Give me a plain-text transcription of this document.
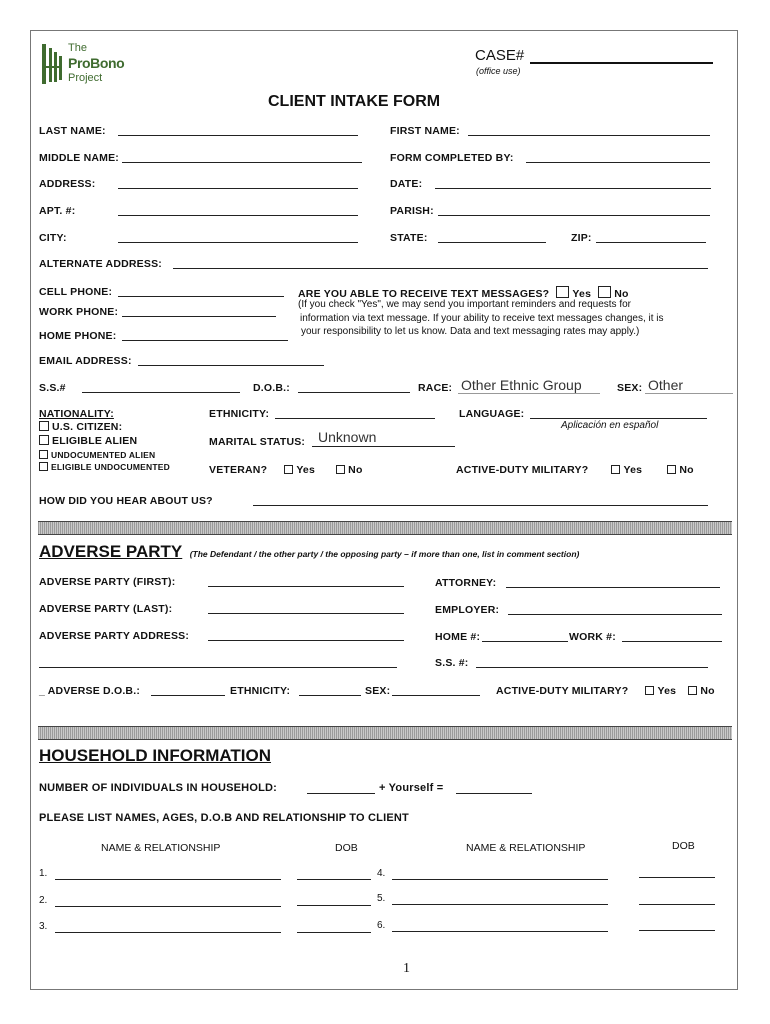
The
ProBono
Project
CASE#
(office use)
CLIENT INTAKE FORM
LAST NAME:	FIRST NAME:
MIDDLE NAME:	FORM COMPLETED BY:
ADDRESS:	DATE:
APT. #:	PARISH:
CITY:	STATE:	ZIP:
ALTERNATE ADDRESS:
CELL PHONE:
WORK PHONE:
HOME PHONE:
ARE YOU ABLE TO RECEIVE TEXT MESSAGES? Yes No
(If you check "Yes", we may send you important reminders and requests for
information via text message. If your ability to receive text messages changes, it is
your responsibility to let us know. Data and text messaging rates may apply.)
EMAIL ADDRESS:
S.S.#	D.O.B.:	RACE: Other Ethnic Group	SEX: Other
NATIONALITY:
U.S. CITIZEN:
ELIGIBLE ALIEN
UNDOCUMENTED ALIEN
ELIGIBLE UNDOCUMENTED
ETHNICITY:	LANGUAGE:
Aplicación en español
MARITAL STATUS: Unknown
VETERAN?	Yes	No	ACTIVE-DUTY MILITARY?	Yes	No
HOW DID YOU HEAR ABOUT US?
ADVERSE PARTY (The Defendant / the other party / the opposing party – if more than one, list in comment section)
ADVERSE PARTY (FIRST):	ATTORNEY:
ADVERSE PARTY (LAST):	EMPLOYER:
ADVERSE PARTY ADDRESS:	HOME #:	WORK #:
S.S. #:
_ ADVERSE D.O.B.:	ETHNICITY:	SEX:	ACTIVE-DUTY MILITARY?	Yes No
HOUSEHOLD INFORMATION
NUMBER OF INDIVIDUALS IN HOUSEHOLD:	+ Yourself =
PLEASE LIST NAMES, AGES, D.O.B AND RELATIONSHIP TO CLIENT
NAME & RELATIONSHIP	DOB	NAME & RELATIONSHIP	DOB
1.	4.
2.	5.
3.	6.
1
